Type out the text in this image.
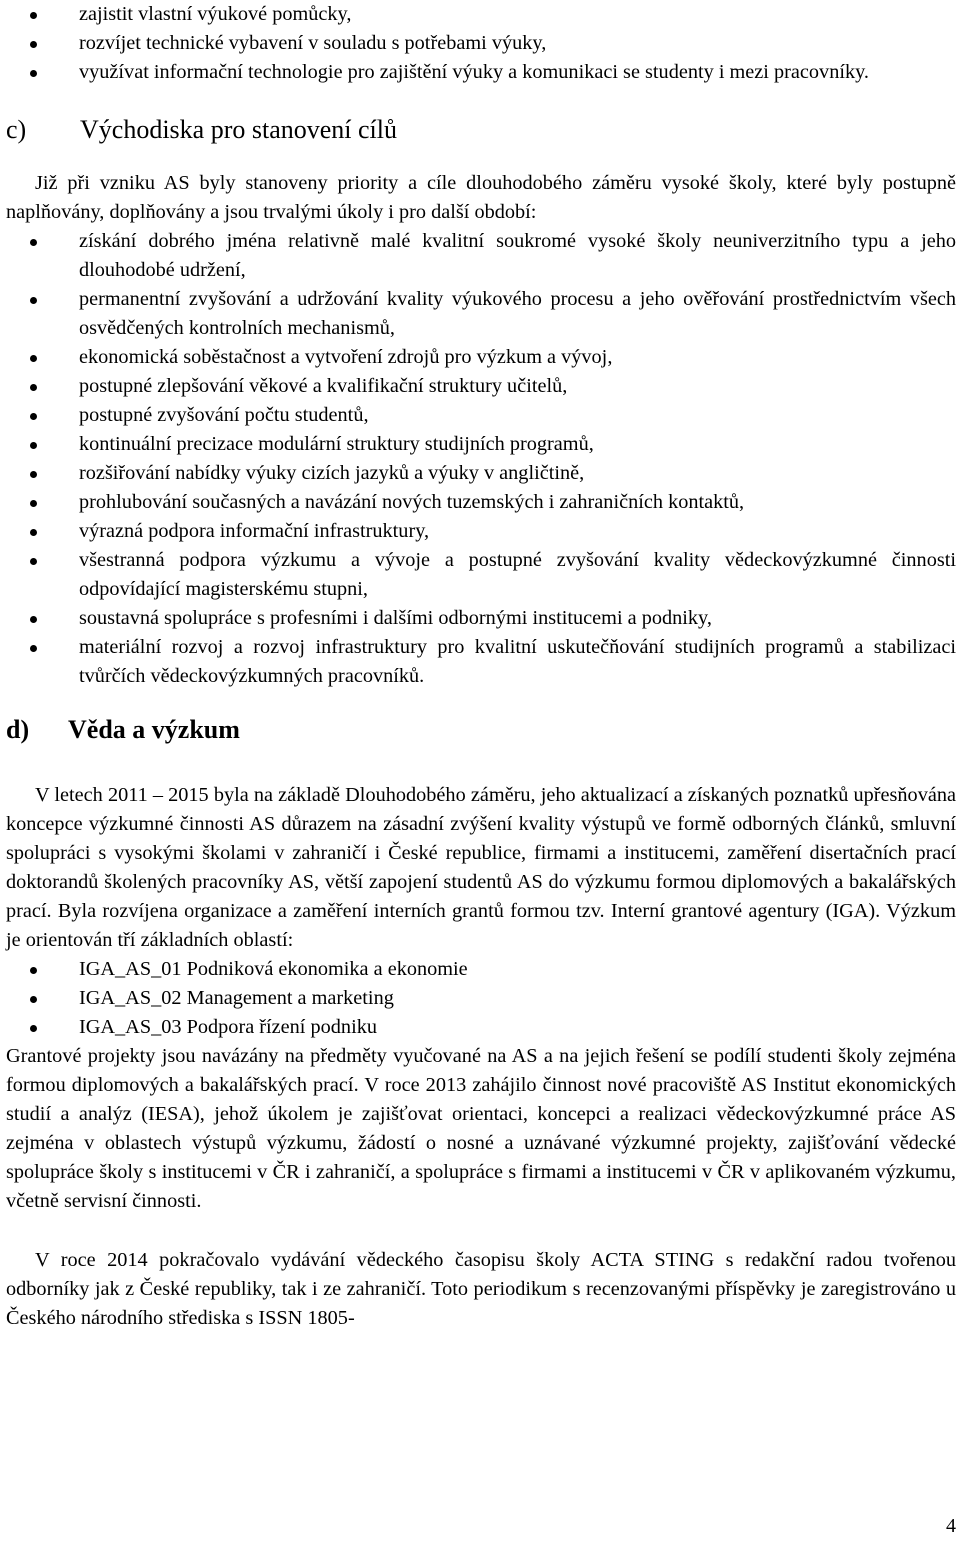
zajistit vlastní výukové pomůcky,
rozvíjet technické vybavení v souladu s potřebami výuky,
využívat informační technologie pro zajištění výuky a komunikaci se studenty i mezi pracovníky.
c)	Východiska pro stanovení cílů

Již při vzniku AS byly stanoveny priority a cíle dlouhodobého záměru vysoké školy, které byly postupně naplňovány, doplňovány a jsou trvalými úkoly i pro další období:

získání dobrého jména relativně malé kvalitní soukromé vysoké školy neuniverzitního typu a jeho dlouhodobé udržení,
permanentní zvyšování a udržování kvality výukového procesu a jeho ověřování prostřednictvím všech osvědčených kontrolních mechanismů,
ekonomická soběstačnost a vytvoření zdrojů pro výzkum a vývoj,
postupné zlepšování věkové a kvalifikační struktury učitelů,
postupné zvyšování počtu studentů,
kontinuální precizace modulární struktury studijních programů,
rozšiřování nabídky výuky cizích jazyků a výuky v angličtině,
prohlubování současných a navázání nových tuzemských i zahraničních kontaktů,
výrazná podpora informační infrastruktury,
všestranná podpora výzkumu a vývoje a postupné zvyšování kvality vědeckovýzkumné činnosti odpovídající magisterskému stupni,
soustavná spolupráce s profesními i dalšími odbornými institucemi a podniky,
materiální rozvoj a rozvoj infrastruktury pro kvalitní uskutečňování studijních programů a stabilizaci tvůrčích vědeckovýzkumných pracovníků.
d)	Věda a výzkum

V letech 2011 – 2015 byla na základě Dlouhodobého záměru, jeho aktualizací a získaných poznatků upřesňována koncepce výzkumné činnosti AS důrazem na zásadní zvýšení kvality výstupů ve formě odborných článků, smluvní spolupráci s vysokými školami v zahraničí i České republice, firmami a institucemi, zaměření disertačních prací doktorandů školených pracovníky AS, větší zapojení studentů AS do výzkumu formou diplomových a bakalářských prací. Byla rozvíjena organizace a zaměření interních grantů formou tzv. Interní grantové agentury (IGA). Výzkum je orientován tří základních oblastí:

IGA_AS_01 Podniková ekonomika a ekonomie
IGA_AS_02 Management a marketing
IGA_AS_03 Podpora řízení podniku

Grantové projekty jsou navázány na předměty vyučované na AS a na jejich řešení se podílí studenti školy zejména formou diplomových a bakalářských prací. V roce 2013 zahájilo činnost nové pracoviště AS Institut ekonomických studií a analýz (IESA), jehož úkolem je zajišťovat orientaci, koncepci a realizaci vědeckovýzkumné práce AS zejména v oblastech výstupů výzkumu, žádostí o nosné a uznávané výzkumné projekty, zajišťování vědecké spolupráce školy s institucemi v ČR i zahraničí, a spolupráce s firmami a institucemi v ČR v aplikovaném výzkumu, včetně servisní činnosti.

V roce 2014 pokračovalo vydávání vědeckého časopisu školy ACTA STING s redakční radou tvořenou odborníky jak z České republiky, tak i ze zahraničí. Toto periodikum s recenzovanými příspěvky je zaregistrováno u Českého národního střediska s ISSN 1805-

4
